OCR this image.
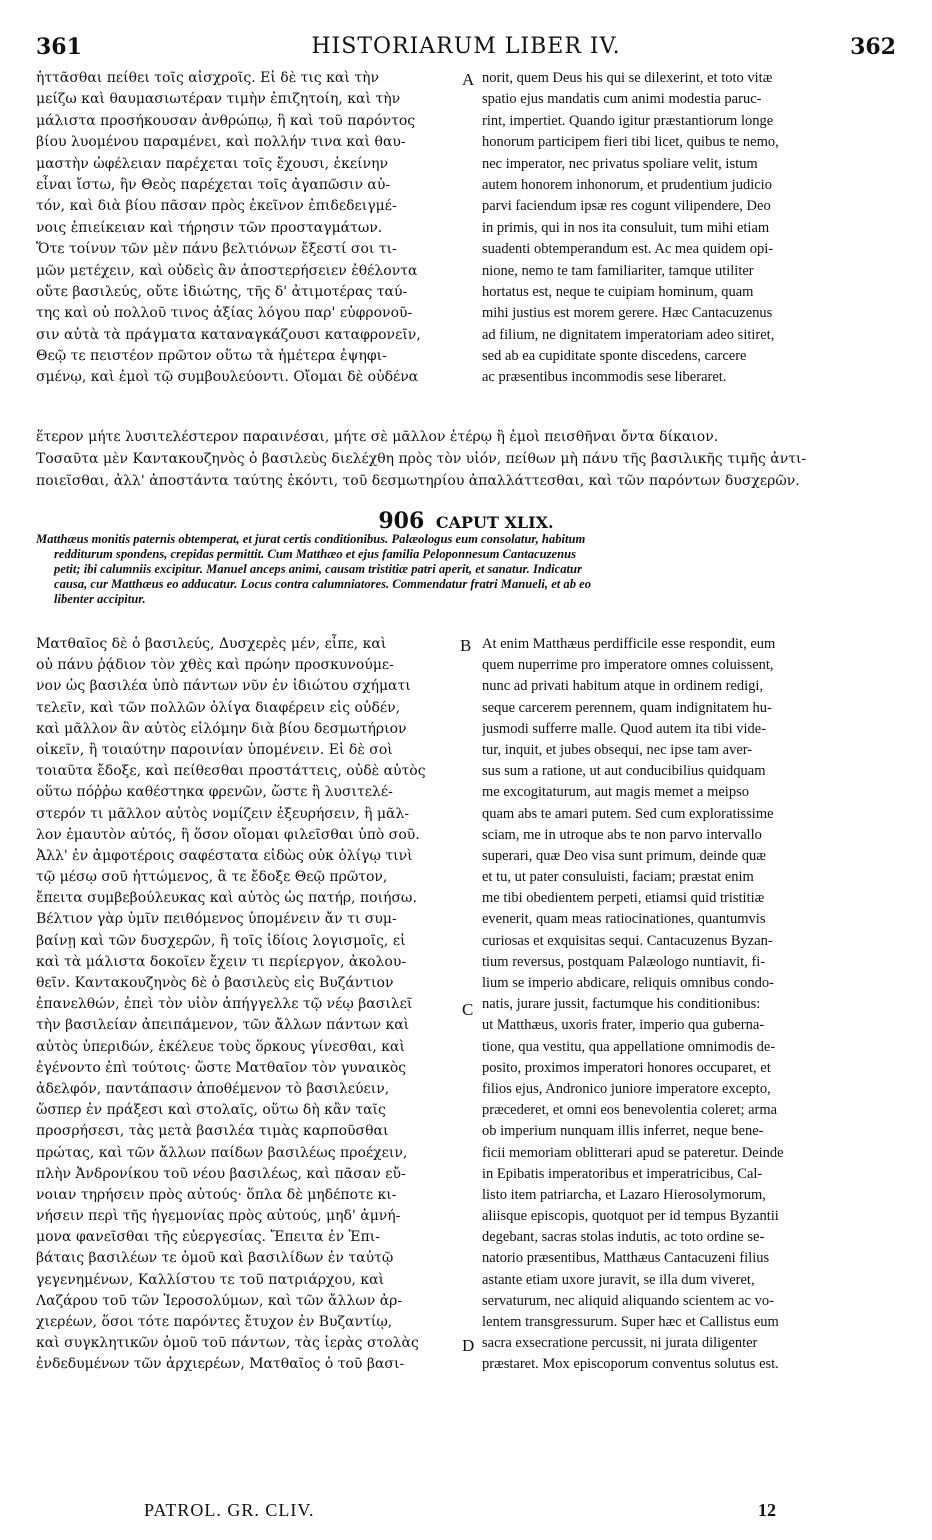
361	HISTORIARUM LIBER IV.	362
ἡττᾶσθαι πείθει τοῖς αἰσχροῖς. Εἰ δὲ τις καὶ τὴν
μείζω καὶ θαυμασιωτέραν τιμὴν ἐπιζητοίη, καὶ τὴν
μάλιστα προσήκουσαν ἀνθρώπῳ, ἣ καὶ τοῦ παρόντος
βίου λυομένου παραμένει, καὶ πολλήν τινα καὶ θαυ-
μαστὴν ὠφέλειαν παρέχεται τοῖς ἔχουσι, ἐκείνην
εἶναι ἴστω, ἣν Θεὸς παρέχεται τοῖς ἀγαπῶσιν αὐ-
τόν, καὶ διὰ βίου πᾶσαν πρὸς ἐκεῖνον ἐπιδεδειγμέ-
νοις ἐπιείκειαν καὶ τήρησιν τῶν προσταγμάτων.
Ὅτε τοίνυν τῶν μὲν πάνυ βελτιόνων ἔξεστί σοι τι-
μῶν μετέχειν, καὶ οὐδεὶς ἂν ἀποστερήσειεν ἐθέλοντα
οὔτε βασιλεύς, οὔτε ἰδιώτης, τῆς δ' ἀτιμοτέρας ταύ-
της καὶ οὐ πολλοῦ τινος ἀξίας λόγου παρ' εὐφρονοῦ-
σιν αὐτὰ τὰ πράγματα καταναγκάζουσι καταφρονεῖν,
Θεῷ τε πειστέον πρῶτον οὕτω τὰ ἡμέτερα ἐψηφι-
σμένῳ, καὶ ἐμοὶ τῷ συμβουλεύοντι. Οἴομαι δὲ οὐδένα
A norit, quem Deus his qui se dilexerint, et toto vitæ
spatio ejus mandatis cum animi modestia paruc-
rint, impertiet. Quando igitur præstantiorum longe
honorum participem fieri tibi licet, quibus te nemo,
nec imperator, nec privatus spoliare velit, istum
autem honorem inhonorum, et prudentium judicio
parvi faciendum ipsæ res cogunt vilipendere, Deo
in primis, qui in nos ita consuluit, tum mihi etiam
suadenti obtemperandum est. Ac mea quidem opi-
nione, nemo te tam familiariter, tamque utiliter
hortatus est, neque te cuipiam hominum, quam
mihi justius est morem gerere. Hæc Cantacuzenus
ad filium, ne dignitatem imperatoriam adeo sitiret,
sed ab ea cupiditate sponte discedens, carcere
ac præsentibus incommodis sese liberaret.
ἕτερον μήτε λυσιτελέστερον παραινέσαι, μήτε σὲ μᾶλλον ἑτέρῳ ἢ ἐμοὶ πεισθῆναι ὄντα δίκαιον.
Τοσαῦτα μὲν Καντακουζηνὸς ὁ βασιλεὺς διελέχθη πρὸς τὸν υἱόν, πείθων μὴ πάνυ τῆς βασιλικῆς τιμῆς ἀντι-
ποιεῖσθαι, ἀλλ' ἀποστάντα ταύτης ἐκόντι, τοῦ δεσμωτηρίου ἀπαλλάττεσθαι, καὶ τῶν παρόντων δυσχερῶν.
906 CAPUT XLIX.
Matthæus monitis paternis obtemperat, et jurat certis conditionibus. Palæologus eum consolatur, habitum
redditurum spondens, crepidas permittit. Cum Matthæo et ejus familia Peloponnesum Cantacuzenus
petit; ibi calumniis excipitur. Manuel anceps animi, causam tristitiæ patri aperit, et sanatur. Indicatur
causa, cur Matthæus eo adducatur. Locus contra calumniatores. Commendatur fratri Manueli, et ab eo
libenter accipitur.
Ματθαῖος δὲ ὁ βασιλεύς, Δυσχερὲς μέν, εἶπε, καὶ
οὐ πάνυ ῥᾴδιον τὸν χθὲς καὶ πρώην προσκυνούμε-
νον ὡς βασιλέα ὑπὸ πάντων νῦν ἐν ἰδιώτου σχήματι
τελεῖν, καὶ τῶν πολλῶν ὀλίγα διαφέρειν εἰς οὐδέν,
καὶ μᾶλλον ἂν αὐτὸς εἱλόμην διὰ βίου δεσμωτήριον
οἰκεῖν, ἢ τοιαύτην παροινίαν ὑπομένειν. Εἰ δὲ σοὶ
τοιαῦτα ἔδοξε, καὶ πείθεσθαι προστάττεις, οὐδὲ αὐτὸς
οὕτω πόῤῥω καθέστηκα φρενῶν, ὥστε ἢ λυσιτελέ-
στερόν τι μᾶλλον αὐτὸς νομίζειν ἐξευρήσειν, ἢ μᾶλ-
λον ἐμαυτὸν αὐτός, ἢ ὅσον οἴομαι φιλεῖσθαι ὑπὸ σοῦ.
Ἀλλ' ἐν ἀμφοτέροις σαφέστατα εἰδὼς οὐκ ὀλίγῳ τινὶ
τῷ μέσῳ σοῦ ἡττώμενος, ἃ τε ἔδοξε Θεῷ πρῶτον,
ἔπειτα συμβεβούλευκας καὶ αὐτὸς ὡς πατήρ, ποιήσω.
Βέλτιον γὰρ ὑμῖν πειθόμενος ὑπομένειν ἄν τι συμ-
βαίνῃ καὶ τῶν δυσχερῶν, ἢ τοῖς ἰδίοις λογισμοῖς, εἰ
καὶ τὰ μάλιστα δοκοῖεν ἔχειν τι περίεργον, ἀκολου-
θεῖν. Καντακουζηνὸς δὲ ὁ βασιλεὺς εἰς Βυζάντιον
ἐπανελθών, ἐπεὶ τὸν υἱὸν ἀπήγγελλε τῷ νέῳ βασιλεῖ
τὴν βασιλείαν ἀπειπάμενον, τῶν ἄλλων πάντων καὶ
αὐτὸς ὑπεριδών, ἐκέλευε τοὺς ὅρκους γίνεσθαι, καὶ
ἐγένοντο ἐπὶ τούτοις· ὥστε Ματθαῖον τὸν γυναικὸς
ἀδελφόν, παντάπασιν ἀποθέμενον τὸ βασιλεύειν,
ὥσπερ ἐν πράξεσι καὶ στολαῖς, οὕτω δὴ κἂν ταῖς
προσρήσεσι, τὰς μετὰ βασιλέα τιμὰς καρποῦσθαι
πρώτας, καὶ τῶν ἄλλων παίδων βασιλέως προέχειν,
πλὴν Ἀνδρονίκου τοῦ νέου βασιλέως, καὶ πᾶσαν εὔ-
νοιαν τηρήσειν πρὸς αὐτούς· ὅπλα δὲ μηδέποτε κι-
νήσειν περὶ τῆς ἡγεμονίας πρὸς αὐτούς, μηδ' ἀμνή-
μονα φανεῖσθαι τῆς εὐεργεσίας. Ἔπειτα ἐν Ἐπι-
βάταις βασιλέων τε ὁμοῦ καὶ βασιλίδων ἐν ταὐτῷ
γεγενημένων, Καλλίστου τε τοῦ πατριάρχου, καὶ
Λαζάρου τοῦ τῶν Ἱεροσολύμων, καὶ τῶν ἄλλων ἀρ-
χιερέων, ὅσοι τότε παρόντες ἔτυχον ἐν Βυζαντίῳ,
καὶ συγκλητικῶν ὁμοῦ τοῦ πάντων, τὰς ἱερὰς στολὰς
ἐνδεδυμένων τῶν ἀρχιερέων, Ματθαῖος ὁ τοῦ βασι-
B
C
D
At enim Matthæus perdifficile esse respondit, eum
quem nuperrime pro imperatore omnes coluissent,
nunc ad privati habitum atque in ordinem redigi,
seque carcerem perennem, quam indignitatem hu-
jusmodi sufferre malle. Quod autem ita tibi vide-
tur, inquit, et jubes obsequi, nec ipse tam aver-
sus sum a ratione, ut aut conducibilius quidquam
me excogitaturum, aut magis memet a meipso
quam abs te amari putem. Sed cum exploratissime
sciam, me in utroque abs te non parvo intervallo
superari, quæ Deo visa sunt primum, deinde quæ
et tu, ut pater consuluisti, faciam; præstat enim
me tibi obedientem perpeti, etiamsi quid tristitiæ
evenerit, quam meas ratiocinationes, quantumvis
curiosas et exquisitas sequi. Cantacuzenus Byzan-
tium reversus, postquam Palæologo nuntiavit, fi-
lium se imperio abdicare, reliquis omnibus condo-
natis, jurare jussit, factumque his conditionibus:
ut Matthæus, uxoris frater, imperio qua guberna-
tione, qua vestitu, qua appellatione omnimodis de-
posito, proximos imperatori honores occuparet, et
filios ejus, Andronico juniore imperatore excepto,
præcederet, et omni eos benevolentia coleret; arma
ob imperium nunquam illis inferret, neque bene-
ficii memoriam oblitterari apud se pateretur. Deinde
in Epibatis imperatoribus et imperatricibus, Cal-
listo item patriarcha, et Lazaro Hierosolymorum,
aliisque episcopis, quotquot per id tempus Byzantii
degebant, sacras stolas indutis, ac toto ordine se-
natorio præsentibus, Matthæus Cantacuzeni filius
astante etiam uxore juravit, se illa dum viveret,
servaturum, nec aliquid aliquando scientem ac vo-
lentem transgressurum. Super hæc et Callistus eum
sacra exsecratione percussit, ni jurata diligenter
præstaret. Mox episcoporum conventus solutus est.
PATROL. GR. CLIV.	12
